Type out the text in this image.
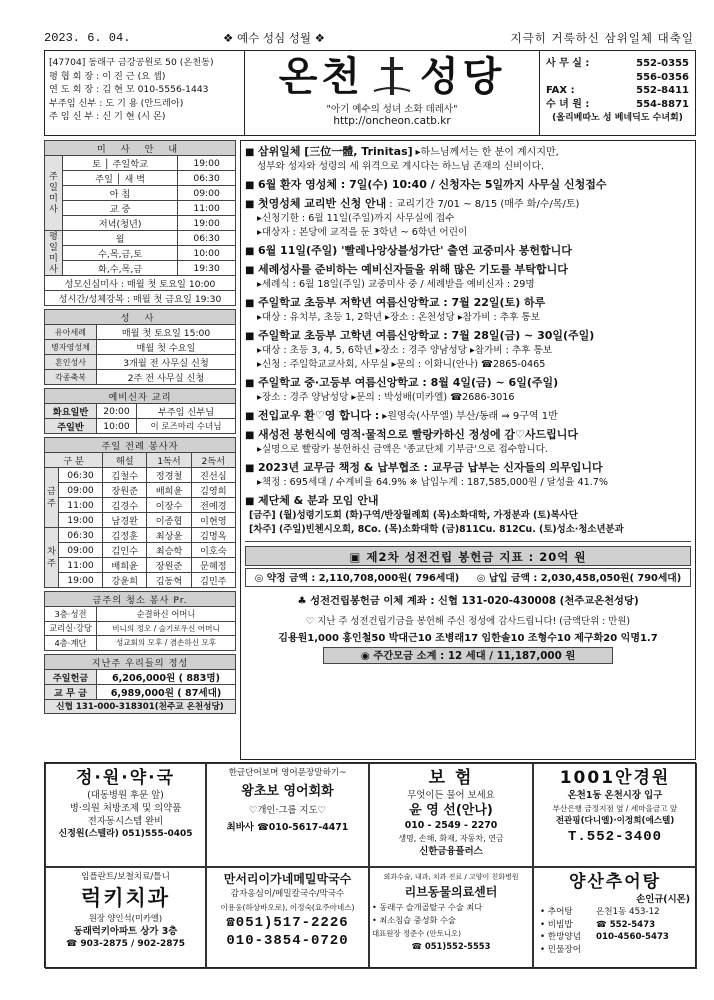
2023. 6. 04.	❖ 예수 성심 성월 ❖	지극히 거룩하신 삼위일체 대축일
[47704] 동래구 금강공원로 50 (온천동)
평 협 회 장 : 이 진 근 (요 셉)
연 도 회 장 : 김 현 모 010-5556-1443
부주임 신부 : 도 기 용 (안드레아)
주 임 신 부 : 신 기 현 (시 몬)
온천 성당
"아기 예수의 성녀 소화 데레사"
http://oncheon.catb.kr
사 무 실 :	552-0355
556-0356
FAX :	552-8411
수 녀 원 :	554-8871
(올리베따노 성 베네딕도 수녀회)
미 사 안 내		
주일미사	토 │ 주일학교	19:00
	주일 │ 새 벽	06:30
	아 침	09:00
	교 중	11:00
	저녁(청년)	19:00
평일미사	월	06:30
	수,목,금,토	10:00
	화,수,목,금	19:30
성모신심미사 : 매월 첫 토요일 10:00		
성시간/성체강복 : 매월 첫 금요일 19:30		
성 사	
유아세례	매월 첫 토요일 15:00
병자영성체	매월 첫 수요일
혼인성사	3개월 전 사무실 신청
각종축복	2주 전 사무실 신청
예비신자 교리		
화요일반	20:00	부주임 신부님
주일반	10:00	이 로즈마리 수녀님
주일 전례 봉사자				
구 분		해설	1독서	2독서
금주	06:30	김철수	정경철	진선심
	09:00	장원준	배희윤	김영희
	11:00	김경수	이장수	전예경
	19:00	남경완	이종협	이현영
차주	06:30	김정훈	최상윤	김명옥
	09:00	김인수	최승학	이호숙
	11:00	배희윤	장원준	문혜정
	19:00	강윤희	김동혁	김민주
금주의 청소 봉사 Pr.	
3층·성전	순결하신 어머니
교리실·강당	비니의 정오 / 슬기로우신 어머니
4층·계단	성교회의 모후 / 겸손하신 모후
지난주 우리들의 정성	
주일헌금	6,206,000원 ( 883명)
교 무 금	6,989,000원 ( 87세대)
신협 131-000-318301(천주교 온천성당)	
■ 삼위일체 [三位一體, Trinitas] ▸하느님께서는 한 분이 계시지만,
성부와 성자와 성령의 세 위격으로 계시다는 하느님 존재의 신비이다.
■ 6월 환자 영성체 : 7일(수) 10:40 / 신청자는 5일까지 사무실 신청접수
■ 첫영성체 교리반 신청 안내 : 교리기간 7/01 ~ 8/15 (매주 화/수/목/토)
▸신청기한 : 6월 11일(주일)까지 사무실에 접수
▸대상자 : 본당에 교적을 둔 3학년 ~ 6학년 어린이
■ 6월 11일(주일) '빨레나앙상블성가단' 출연 교중미사 봉헌합니다
■ 세례성사를 준비하는 예비신자들을 위해 많은 기도를 부탁합니다
▸세례식 : 6월 18일(주일) 교중미사 중 / 세례받을 예비신자 : 29명
■ 주일학교 초등부 저학년 여름신앙학교 : 7월 22일(토) 하루
▸대상 : 유치부, 초등 1, 2학년 ▸장소 : 온천성당 ▸참가비 : 추후 통보
■ 주일학교 초등부 고학년 여름신앙학교 : 7월 28일(금) ~ 30일(주일)
▸대상 : 초등 3, 4, 5, 6학년 ▸장소 : 경주 양남성당 ▸참가비 : 추후 통보
▸신청 : 주일학교교사회, 사무실 ▸문의 : 이화니(안나) ☎2865-0465
■ 주일학교 중·고등부 여름신앙학교 : 8월 4일(금) ~ 6일(주일)
▸장소 : 경주 양남성당 ▸문의 : 박성배(미카엘) ☎2686-3016
■ 전입교우 환♡영 합니다 : ▸원영숙(사무엘) 부산/동래 ⇒ 9구역 1반
■ 새성전 봉헌식에 영적·물적으로 빨랑카하신 정성에 감♡사드립니다
▸실명으로 빨랑카 봉헌하신 금액은 '종교단체 기부금'으로 접수합니다.
■ 2023년 교무금 책정 & 납부협조 : 교무금 납부는 신자들의 의무입니다
▸책정 : 695세대 / 수계비율 64.9% ※ 납입누계 : 187,585,000원 / 달성율 41.7%
■ 제단체 & 분과 모임 안내
[금주] (월)성령기도회 (화)구역/반장월례회 (목)소화대학, 가정분과 (토)복사단
[차주] (주일)빈첸시오회, 8Co. (목)소화대학 (금)811Cu. 812Cu. (토)성소·청소년분과
▣ 제2차 성전건립 봉헌금 지표 : 20억 원
◎ 약정 금액 : 2,110,708,000원( 796세대) ◎ 납입 금액 : 2,030,458,050원( 790세대)
♣ 성전건립봉헌금 이체 계좌 : 신협 131-020-430008 (천주교온천성당)
♡ 지난 주 성전건립기금을 봉헌해 주신 정성에 감사드립니다! (금액단위 : 만원)
김용원1,000 홍인철50 박대근10 조병래17 임한솔10 조형수10 제구화20 익명1.7
◉ 주간모금 소계 : 12 세대 / 11,187,000 원
정·원·약·국
(대동병원 후문 앞)
병·의원 처방조제 및 의약품
전자동시스템 완비
신정원(스텔라) 051)555-0405
한글단어보며 영어문장말하기~
왕초보 영어회화
♡개인·그룹 지도♡
최바사 ☎010-5617-4471
보 험
무엇이든 물어 보세요
윤 영 선(안나)
010 - 2549 - 2270
생명, 손해, 화재, 자동차, 연금
신한금융플러스
1001안경원
온천1동 온천시장 입구
부산은행 금정지점 옆 / 세마을금고 앞
전관핑(다니엘)·이정희(에스텔)
T.552-3400
임플란트/보철치료/틀니
럭키치과
원장 양인석(미카엘)
동래럭키아파트 상가 3층
☎ 903-2875 / 902-2875
만서리이가네메밀막국수
감자옹심이/메밀칼국수/막국수
이용웅(하상바오로), 이정숙(요주아네스)
☎051)517-2226
010-3854-0720
외과수술, 내과, 치과 진료 / 고양이 친화병원
리브동물의료센터
• 동래구 슬개골탈구 수술 최다
• 최소침습 중성화 수술
대표원장 정준수 (안토니오)
☎ 051)552-5553
양산추어탕
손인규(시몬)
• 추어탕
• 비빔밥
• 한방양념
• 민물장어
온천1동 453-12
☎ 552-5473
010-4560-5473
